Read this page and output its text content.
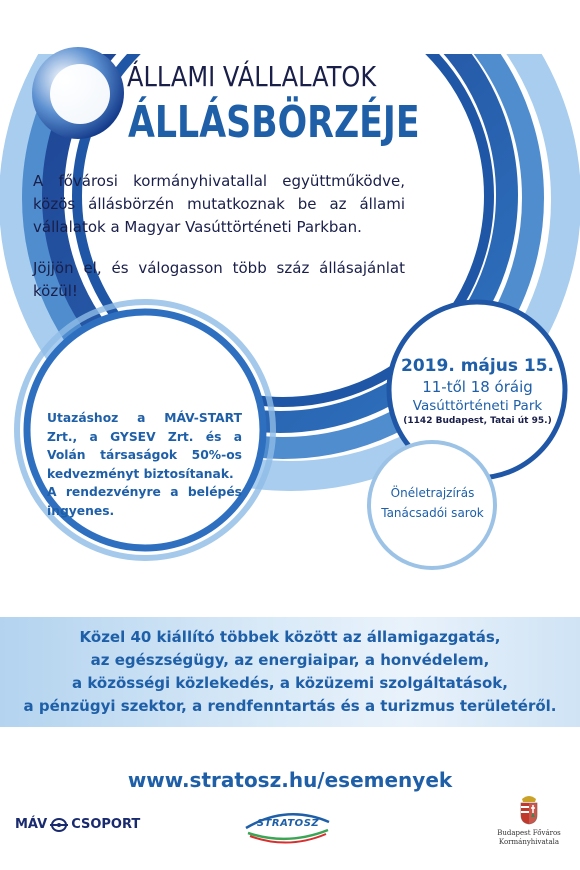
ÁLLAMI VÁLLALATOK
ÁLLÁSBÖRZÉJE

A fővárosi kormányhivatallal együttműködve, közös állásbörzén mutatkoznak be az állami vállalatok a Magyar Vasúttörténeti Parkban.

Jöjjön el, és válogasson több száz állásajánlat közül!

Utazáshoz a MÁV-START Zrt., a GYSEV Zrt. és a Volán társaságok 50%-os kedvezményt biztosítanak.

A rendezvényre a belépés ingyenes.

2019. május 15.
11-től 18 óráig
Vasúttörténeti Park
(1142 Budapest, Tatai út 95.)
Önéletrajzírás
Tanácsadói sarok
Közel 40 kiállító többek között az államigazgatás,
az egészségügy, az energiaipar, a honvédelem,
a közösségi közlekedés, a közüzemi szolgáltatások,
a pénzügyi szektor, a rendfenntartás és a turizmus területéről.
www.stratosz.hu/esemenyek
MÁV CSOPORT	STRATOSZ
Budapest Főváros
Kormányhivatala
